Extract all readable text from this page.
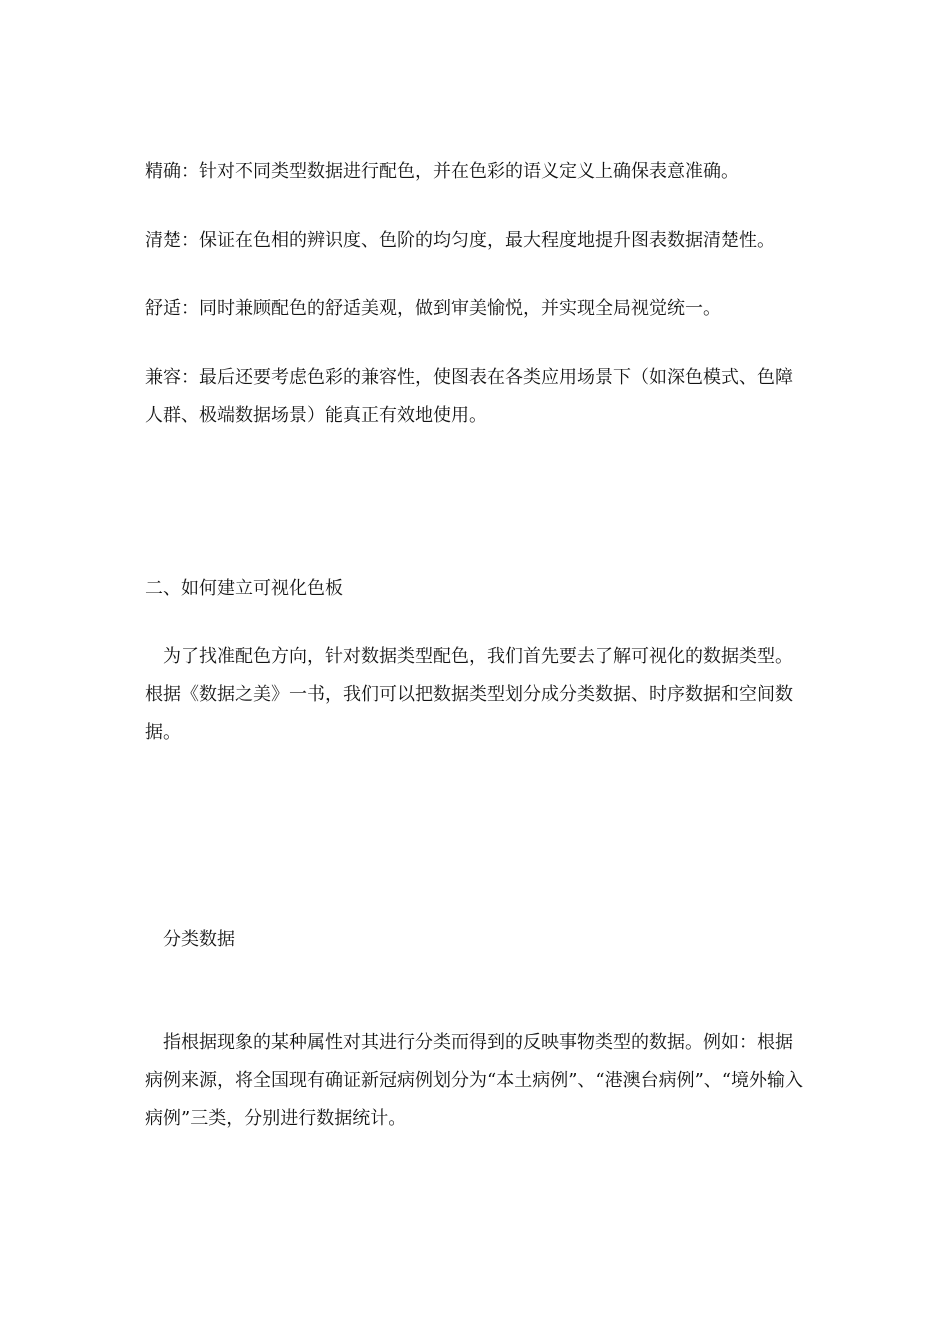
精确：针对不同类型数据进行配色，并在色彩的语义定义上确保表意准确。

清楚：保证在色相的辨识度、色阶的均匀度，最大程度地提升图表数据清楚性。

舒适：同时兼顾配色的舒适美观，做到审美愉悦，并实现全局视觉统一。

兼容：最后还要考虑色彩的兼容性，使图表在各类应用场景下（如深色模式、色障人群、极端数据场景）能真正有效地使用。

二、如何建立可视化色板

为了找准配色方向，针对数据类型配色，我们首先要去了解可视化的数据类型。根据《数据之美》一书，我们可以把数据类型划分成分类数据、时序数据和空间数据。

分类数据

指根据现象的某种属性对其进行分类而得到的反映事物类型的数据。例如：根据病例来源，将全国现有确证新冠病例划分为“本土病例”、“港澳台病例”、“境外输入病例”三类，分别进行数据统计。
